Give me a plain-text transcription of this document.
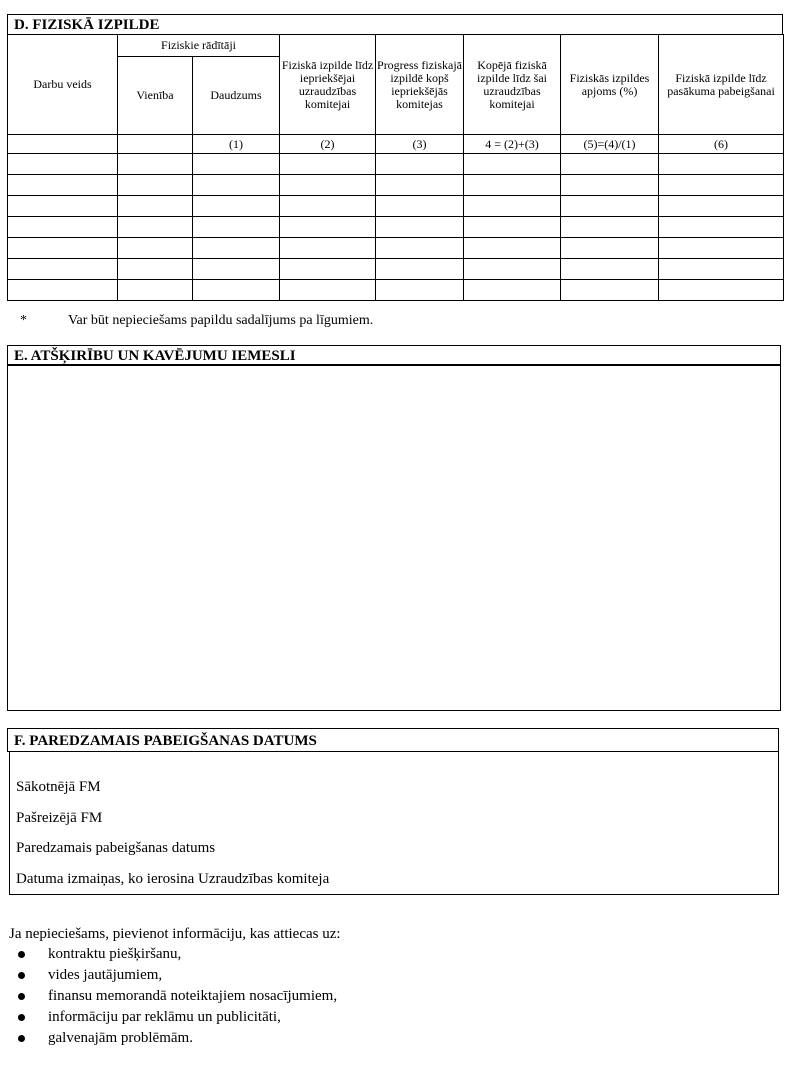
D. FIZISKĀ IZPILDE
Darbu veids	Fiziskie rādītāji		Fiziskā izpilde līdz iepriekšējai uzraudzības komitejai	Progress fiziskajā izpildē kopš iepriekšējās komitejas	Kopējā fiziskā izpilde līdz šai uzraudzības komitejai	Fiziskās izpildes apjoms (%)	Fiziskā izpilde līdz pasākuma pabeigšanai
	Vienība	Daudzums					
		(1)	(2)	(3)	4 = (2)+(3)	(5)=(4)/(1)	(6)

*	Var būt nepieciešams papildu sadalījums pa līgumiem.
E. ATŠĶIRĪBU UN KAVĒJUMU IEMESLI
F. PAREDZAMAIS PABEIGŠANAS DATUMS
Sākotnējā FM
Pašreizējā FM
Paredzamais pabeigšanas datums
Datuma izmaiņas, ko ierosina Uzraudzības komiteja
Ja nepieciešams, pievienot informāciju, kas attiecas uz:
kontraktu piešķiršanu,
vides jautājumiem,
finansu memorandā noteiktajiem nosacījumiem,
informāciju par reklāmu un publicitāti,
galvenajām problēmām.
